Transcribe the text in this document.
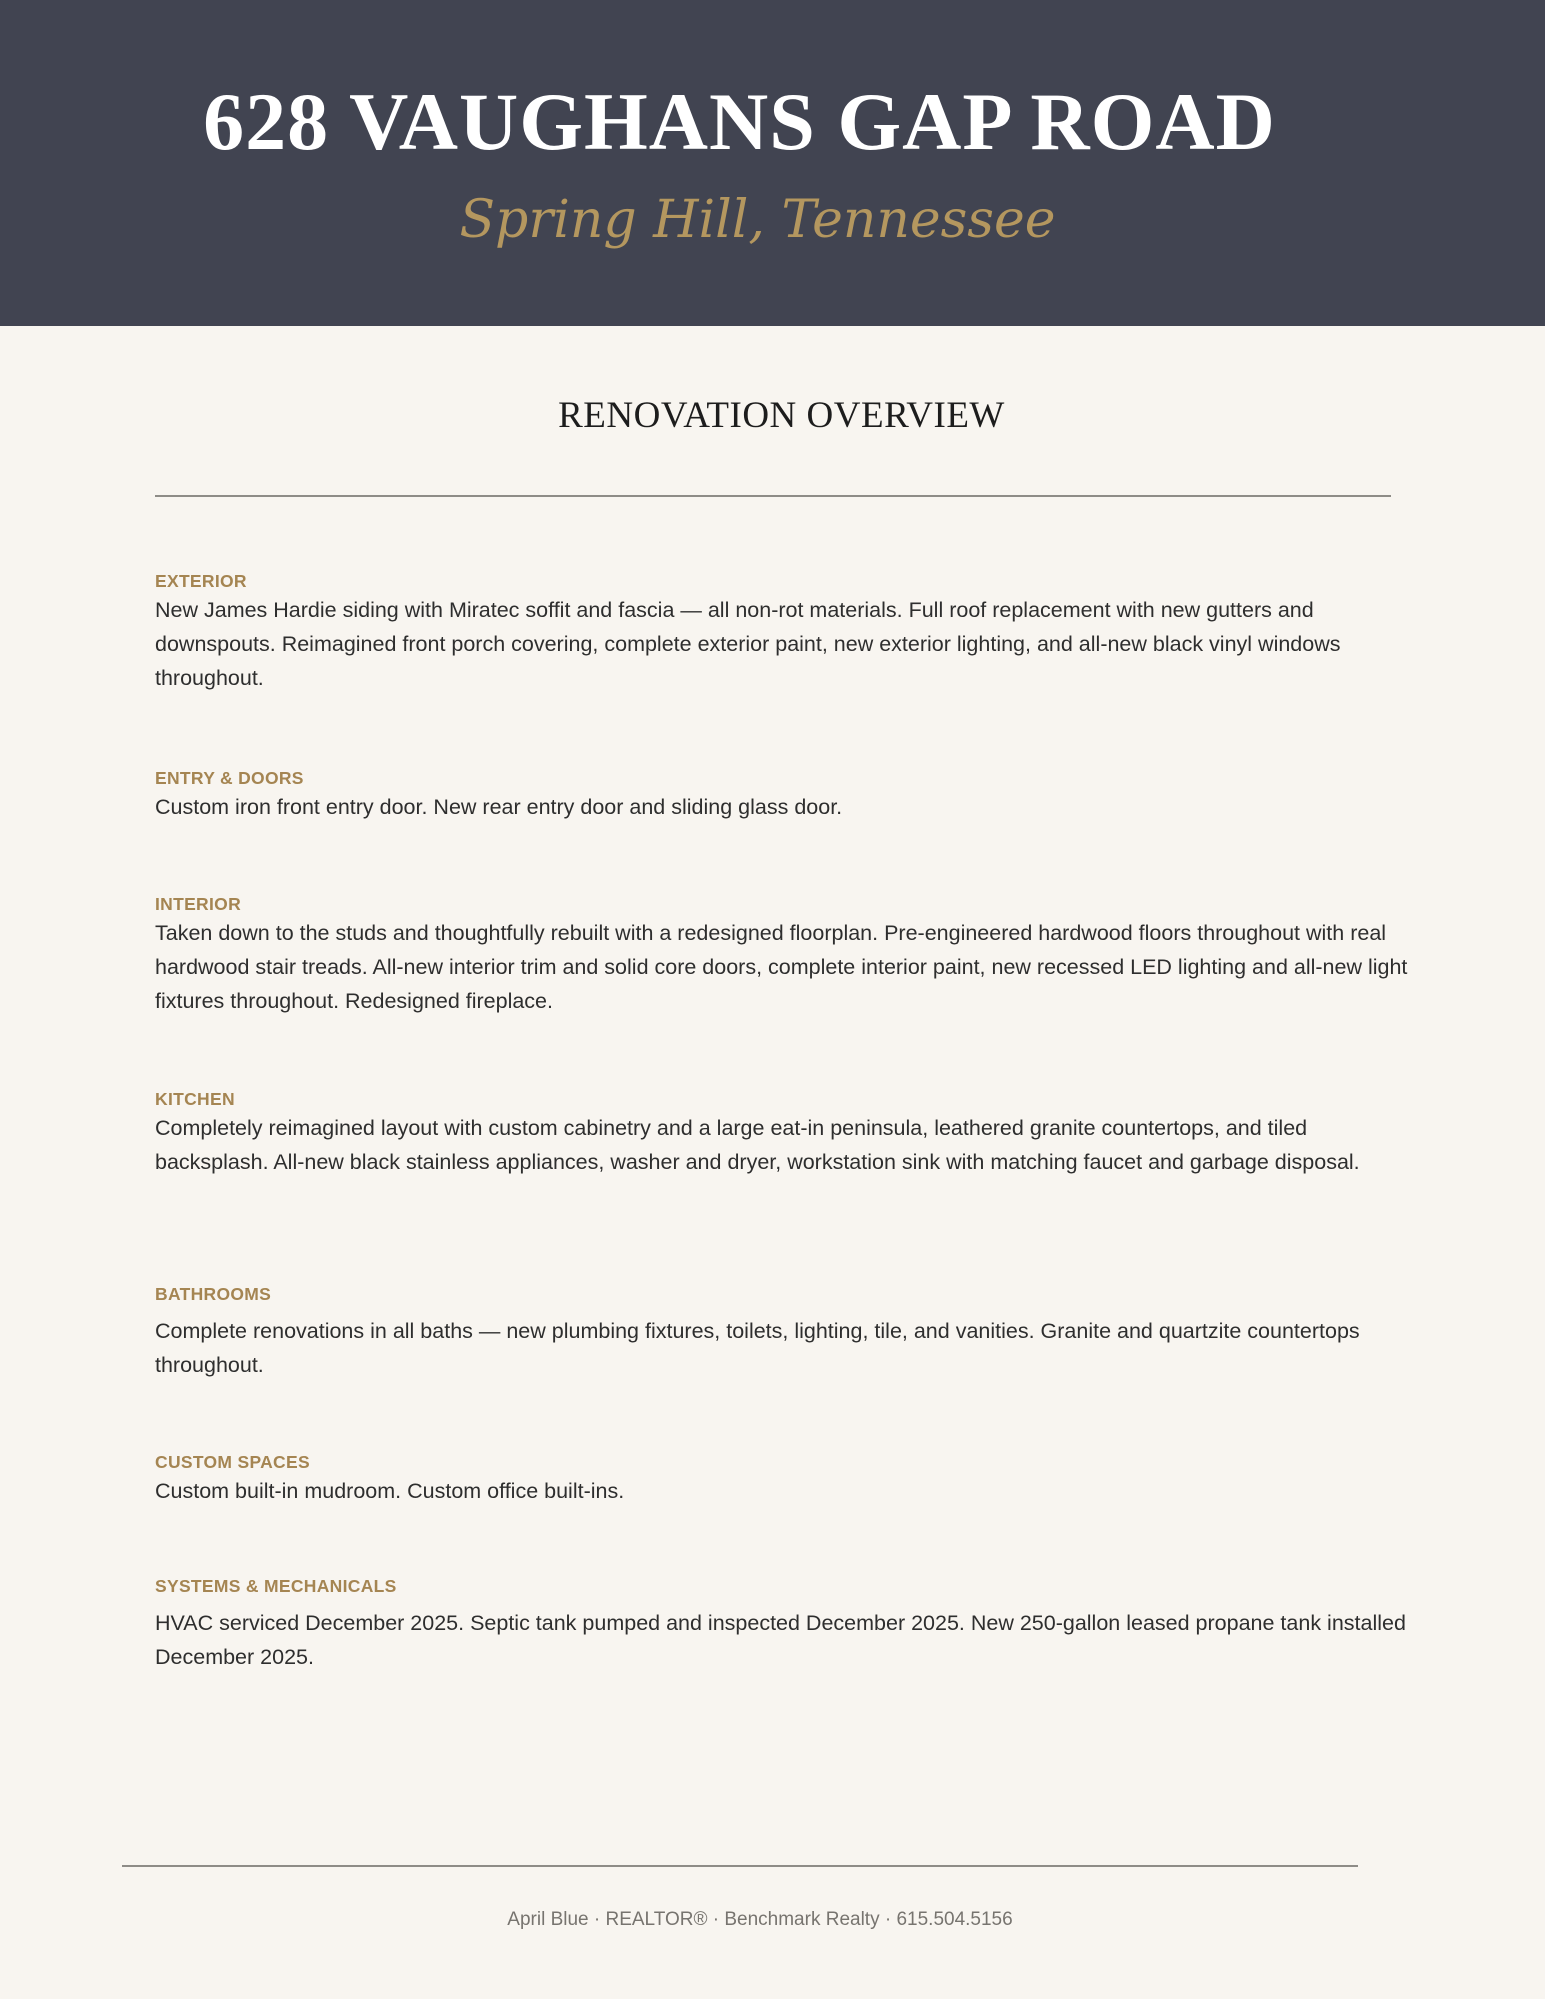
628 VAUGHANS GAP ROAD
Spring Hill, Tennessee
RENOVATION OVERVIEW
EXTERIOR
New James Hardie siding with Miratec soffit and fascia — all non-rot materials. Full roof replacement with new gutters and downspouts. Reimagined front porch covering, complete exterior paint, new exterior lighting, and all-new black vinyl windows throughout.
ENTRY & DOORS
Custom iron front entry door. New rear entry door and sliding glass door.
INTERIOR
Taken down to the studs and thoughtfully rebuilt with a redesigned floorplan. Pre-engineered hardwood floors throughout with real hardwood stair treads. All-new interior trim and solid core doors, complete interior paint, new recessed LED lighting and all-new light fixtures throughout. Redesigned fireplace.
KITCHEN
Completely reimagined layout with custom cabinetry and a large eat-in peninsula, leathered granite countertops, and tiled backsplash. All-new black stainless appliances, washer and dryer, workstation sink with matching faucet and garbage disposal.
BATHROOMS
Complete renovations in all baths — new plumbing fixtures, toilets, lighting, tile, and vanities. Granite and quartzite countertops throughout.
CUSTOM SPACES
Custom built-in mudroom. Custom office built-ins.
SYSTEMS & MECHANICALS
HVAC serviced December 2025. Septic tank pumped and inspected December 2025. New 250-gallon leased propane tank installed December 2025.
April Blue · REALTOR® · Benchmark Realty · 615.504.5156
